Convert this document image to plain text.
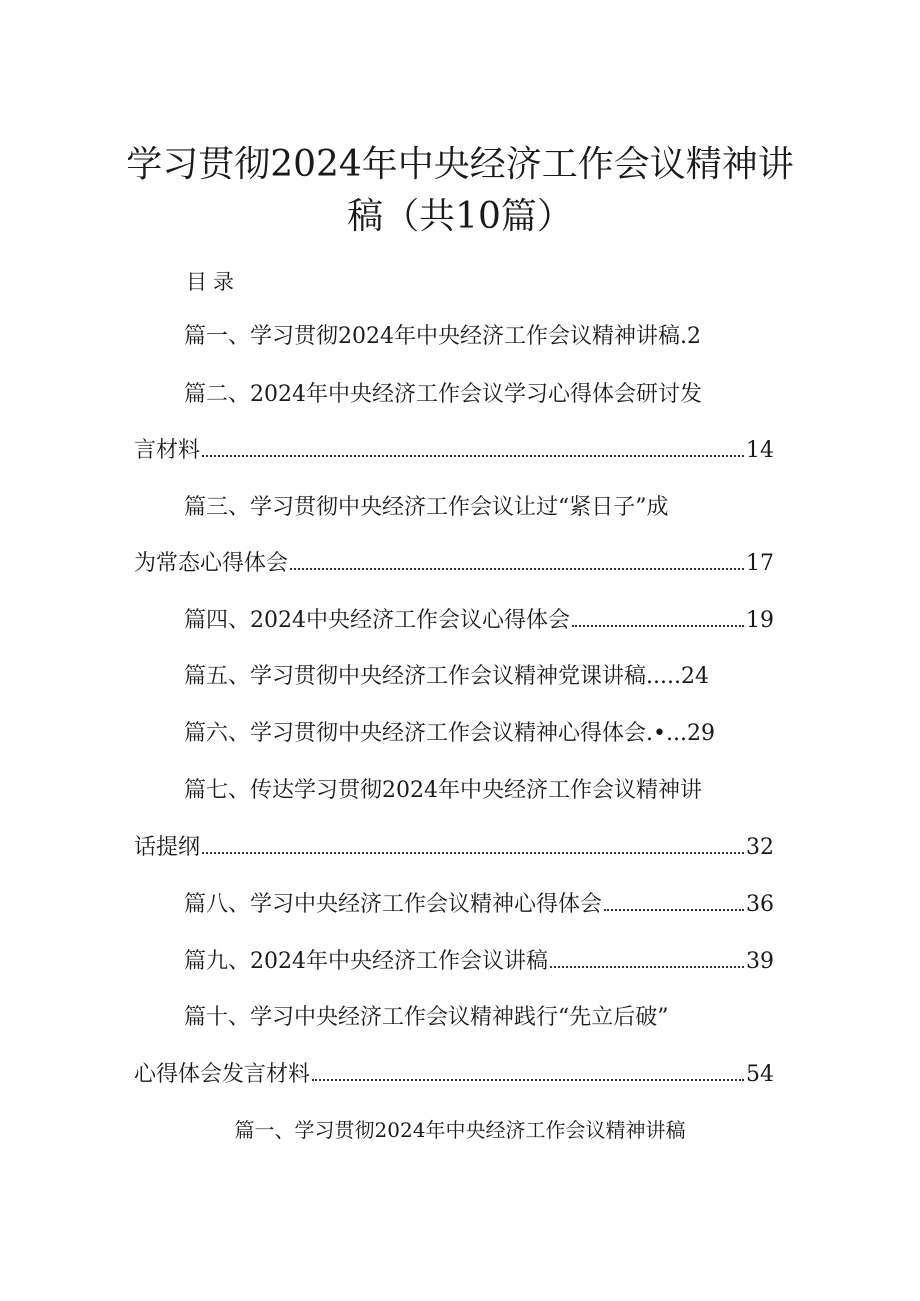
学习贯彻2024年中央经济工作会议精神讲
稿（共10篇）
目录
篇一、学习贯彻2024年中央经济工作会议精神讲稿.2
篇二、2024年中央经济工作会议学习心得体会研讨发
言材料	14
篇三、学习贯彻中央经济工作会议让过“紧日子”成
为常态心得体会	17
篇四、2024中央经济工作会议心得体会	19
篇五、学习贯彻中央经济工作会议精神党课讲稿.....24
篇六、学习贯彻中央经济工作会议精神心得体会.•...29
篇七、传达学习贯彻2024年中央经济工作会议精神讲
话提纲	32
篇八、学习中央经济工作会议精神心得体会	36
篇九、2024年中央经济工作会议讲稿	39
篇十、学习中央经济工作会议精神践行“先立后破”
心得体会发言材料	54
篇一、学习贯彻2024年中央经济工作会议精神讲稿
